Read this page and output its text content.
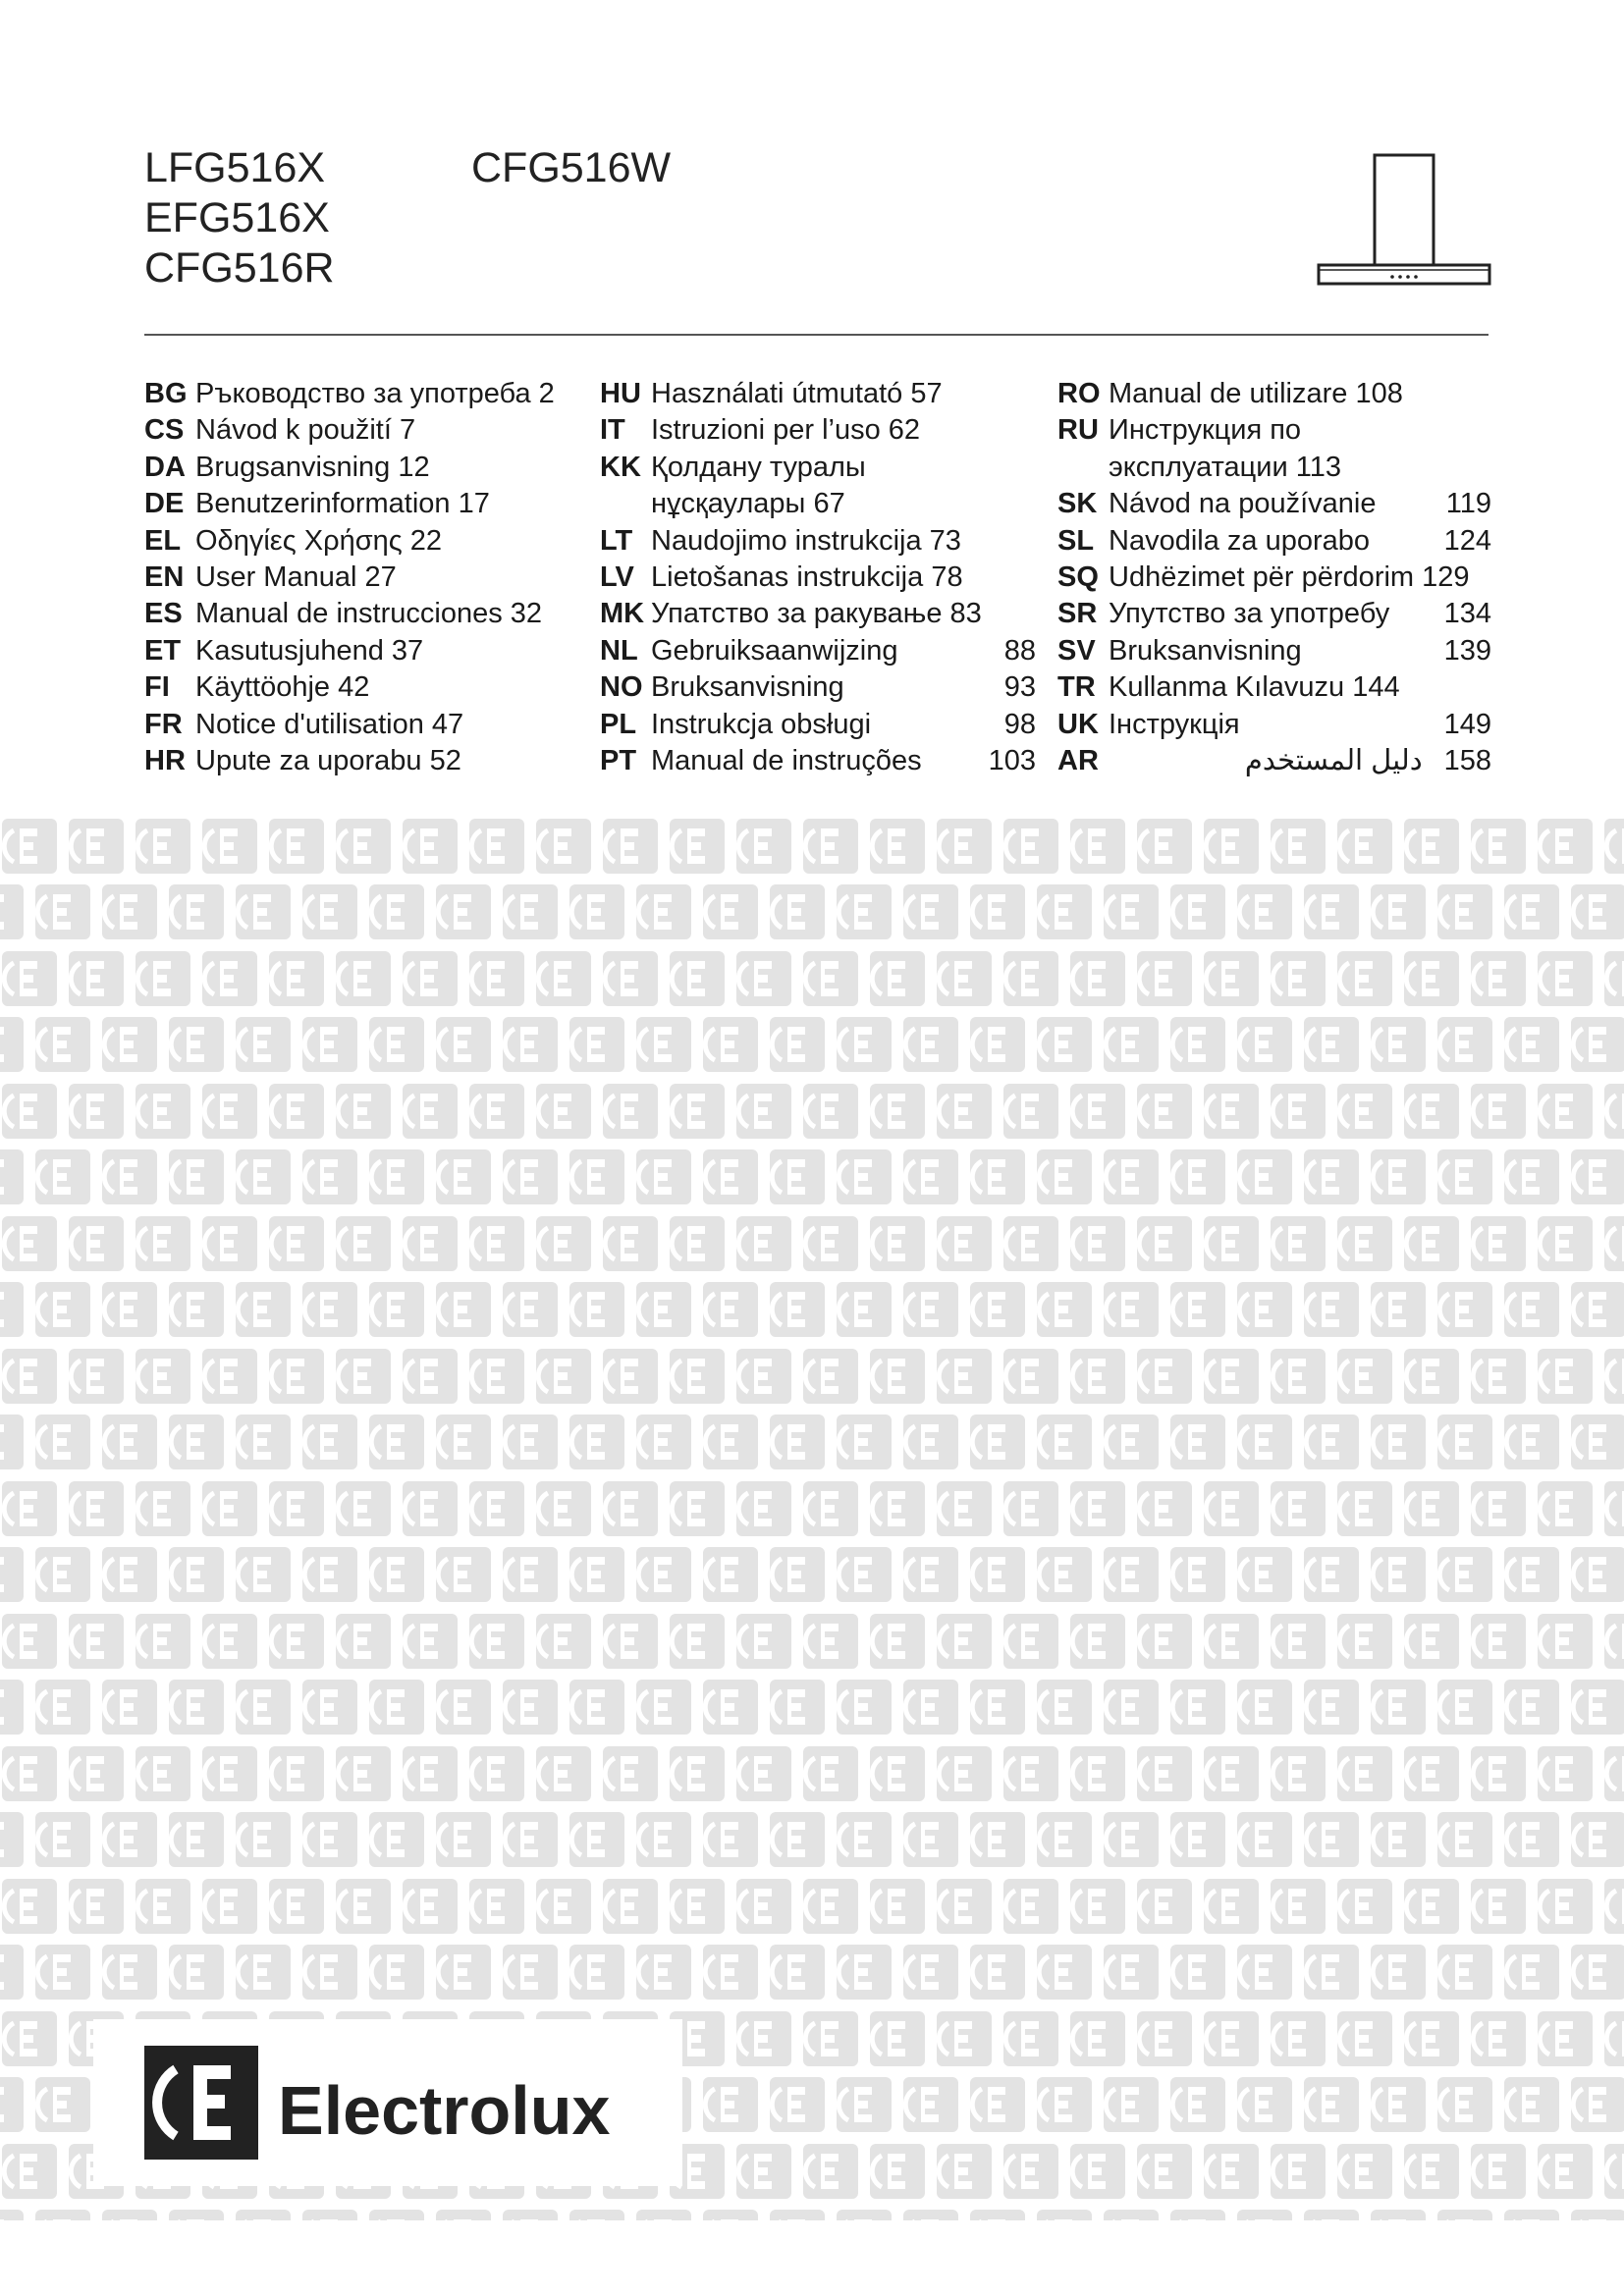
LFG516X
EFG516X
CFG516R
CFG516W
BG Ръководство за употреба 2
CS Návod k použití 7
DA Brugsanvisning 12
DE Benutzerinformation 17
EL Οδηγίες Χρήσης 22
EN User Manual 27
ES Manual de instrucciones 32
ET Kasutusjuhend 37
FI Käyttöohje 42
FR Notice d'utilisation 47
HR Upute za uporabu 52
HU Használati útmutató 57
IT Istruzioni per l’uso 62
KK Қолдану туралы
нұсқаулары 67
LT Naudojimo instrukcija 73
LV Lietošanas instrukcija 78
MK Упатство за ракување 83
NL Gebruiksaanwijzing	88
NO Bruksanvisning	93
PL Instrukcja obsługi	98
PT Manual de instruções	103
RO Manual de utilizare 108
RU Инструкция по
эксплуатации 113
SK Návod na používanie	119
SL Navodila za uporabo	124
SQ Udhëzimet për përdorim 129
SR Упутство за употребу	134
SV Bruksanvisning	139
TR Kullanma Kılavuzu 144
UK Інструкція	149
AR	دليل المستخدم 158
Electrolux
